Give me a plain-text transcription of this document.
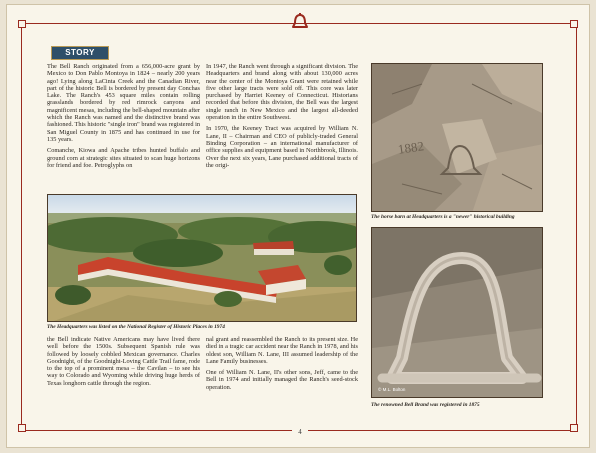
STORY

The Bell Ranch originated from a 656,000-acre grant by Mexico to Don Pablo Montoya in 1824 – nearly 200 years ago! Lying along LaCinta Creek and the Canadian River, part of the historic Bell is bordered by present day Conchas Lake. The Ranch's 453 square miles contain rolling grasslands bordered by red rimrock canyons and magnificent mesas, including the bell-shaped mountain after which the Ranch was named and the distinctive brand was fashioned. This historic "single iron" brand was registered in San Miguel County in 1875 and has continued in use for 135 years.

Comanche, Kiowa and Apache tribes hunted buffalo and ground corn at strategic sites situated to scan huge horizons for friend and foe. Petroglyphs on

In 1947, the Ranch went through a significant division. The Headquarters and brand along with about 130,000 acres near the center of the Montoya Grant were retained while five other large tracts were sold off. This core was later purchased by Harriet Keeney of Connecticut. Historians recorded that before this division, the Bell was the largest single ranch in New Mexico and the largest all-deeded operation in the entire Southwest.

In 1970, the Keeney Tract was acquired by William N. Lane, II – Chairman and CEO of publicly-traded General Binding Corporation – an international manufacturer of office supplies and equipment based in Northbrook, Illinois. Over the next six years, Lane purchased additional tracts of the origi-

The Headquarters was listed on the National Register of Historic Places in 1974

the Bell indicate Native Americans may have lived there well before the 1500s. Subsequent Spanish rule was followed by loosely cobbled Mexican governance. Charles Goodnight, of the Goodnight-Loving Cattle Trail fame, rode to the top of a prominent mesa – the Cavilan – to see his way to Colorado and Wyoming while driving huge herds of Texas longhorn cattle through the region.

nal grant and reassembled the Ranch to its present size. He died in a tragic car accident near the Ranch in 1978, and his oldest son, William N. Lane, III assumed leadership of the Lane Family businesses.

One of William N. Lane, II's other sons, Jeff, came to the Bell in 1974 and initially managed the Ranch's seed-stock operation.

1882
The horse barn at Headquarters is a "newer" historical building
© M.L. Bolton
The renowned Bell Brand was registered in 1875
4
